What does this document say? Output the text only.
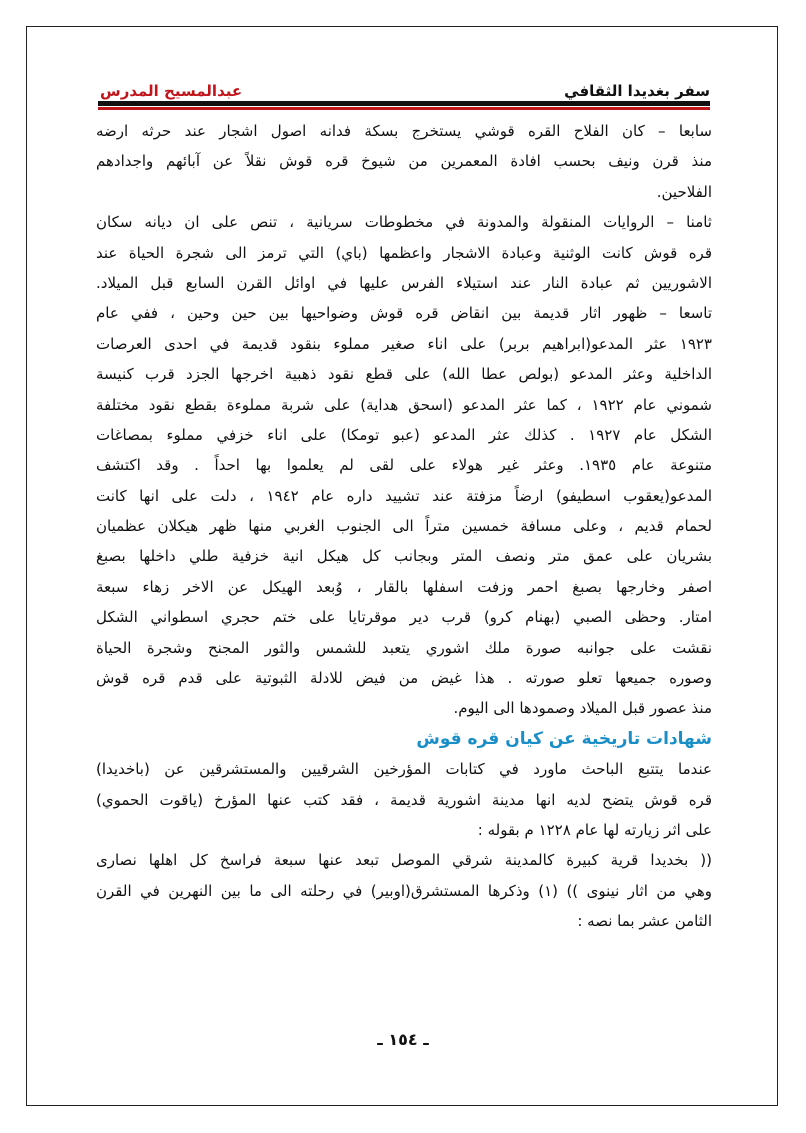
سفر بغديدا الثقافي
عبدالمسيح المدرس
سابعا – كان الفلاح القره قوشي يستخرج بسكة فدانه اصول اشجار عند حرثه ارضه
منذ قرن ونيف بحسب افادة المعمرين من شيوخ قره قوش نقلاً عن آبائهم واجدادهم
الفلاحين.
ثامنا – الروايات المنقولة والمدونة في مخطوطات سريانية ، تنص على ان ديانه سكان
قره قوش كانت الوثنية وعبادة الاشجار واعظمها (باي) التي ترمز الى شجرة الحياة عند
الاشوريين ثم عبادة النار عند استيلاء الفرس عليها في اوائل القرن السابع قبل الميلاد.
تاسعا – ظهور اثار قديمة بين انقاض قره قوش وضواحيها بين حين وحين ، ففي عام
١٩٢٣ عثر المدعو(ابراهيم بربر) على اناء صغير مملوء بنقود قديمة في احدى العرصات
الداخلية وعثر المدعو (بولص عطا الله) على قطع نقود ذهبية اخرجها الجزد قرب كنيسة
شموني عام ١٩٢٢ ، كما عثر المدعو (اسحق هداية) على شربة مملوءة بقطع نقود مختلفة
الشكل عام ١٩٢٧ . كذلك عثر المدعو (عبو تومكا) على اناء خزفي مملوء بمصاغات
متنوعة عام ١٩٣٥. وعثر غير هولاء على لقى لم يعلموا بها احداً . وقد اكتشف
المدعو(يعقوب اسطيفو) ارضاً مزفتة عند تشييد داره عام ١٩٤٢ ، دلت على انها كانت
لحمام قديم ، وعلى مسافة خمسين متراً الى الجنوب الغربي منها ظهر هيكلان عظميان
بشريان على عمق متر ونصف المتر وبجانب كل هيكل انية خزفية طلي داخلها بصبغ
اصفر وخارجها بصبغ احمر وزفت اسفلها بالقار ، وُبعد الهيكل عن الاخر زهاء سبعة
امتار. وحظى الصبي (بهنام كرو) قرب دير موقرتايا على ختم حجري اسطواني الشكل
نقشت على جوانبه صورة ملك اشوري يتعبد للشمس والثور المجنح وشجرة الحياة
وصوره جميعها تعلو صورته . هذا غيض من فيض للادلة الثبوتية على قدم قره قوش
منذ عصور قبل الميلاد وصمودها الى اليوم.
شهادات تاريخية عن كيان قره قوش
عندما يتتبع الباحث ماورد في كتابات المؤرخين الشرقيين والمستشرقين عن (باخديدا)
قره قوش يتضح لديه انها مدينة اشورية قديمة ، فقد كتب عنها المؤرخ (ياقوت الحموي)
على اثر زيارته لها عام ١٢٢٨ م بقوله :
(( بخديدا قرية كبيرة كالمدينة شرقي الموصل تبعد عنها سبعة فراسخ كل اهلها نصارى
وهي من اثار نينوى )) (١) وذكرها المستشرق(اوبير) في رحلته الى ما بين النهرين في القرن
الثامن عشر بما نصه :
ـ ١٥٤ ـ
